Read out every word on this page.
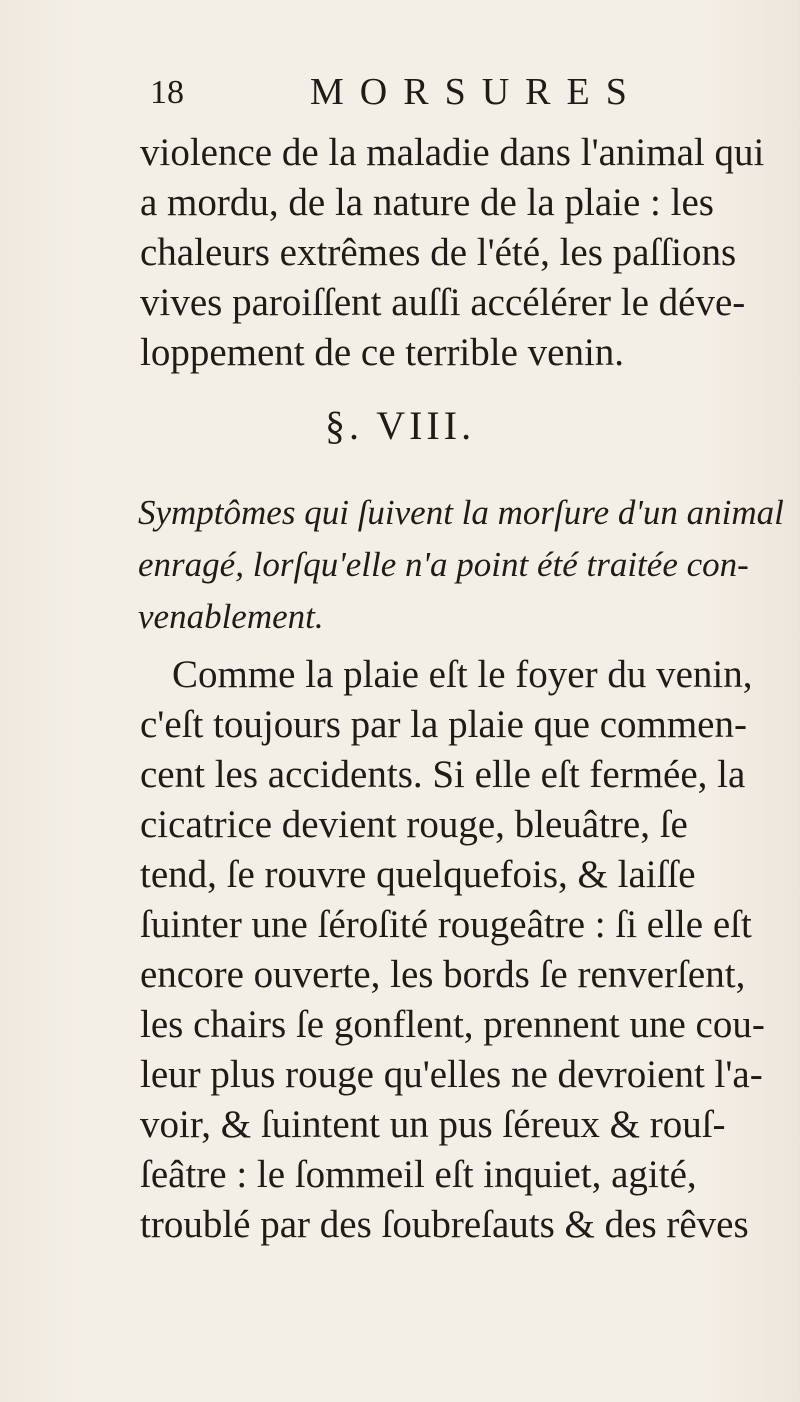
18	MORSURES
violence de la maladie dans l'animal qui
a mordu, de la nature de la plaie : les
chaleurs extrêmes de l'été, les paſſions
vives paroiſſent auſſi accélérer le déve-
loppement de ce terrible venin.
§. VIII.
Symptômes qui ſuivent la morſure d'un animal
enragé, lorſqu'elle n'a point été traitée con-
venablement.
Comme la plaie eſt le foyer du venin,
c'eſt toujours par la plaie que commen-
cent les accidents. Si elle eſt fermée, la
cicatrice devient rouge, bleuâtre, ſe
tend, ſe rouvre quelquefois, & laiſſe
ſuinter une ſéroſité rougeâtre : ſi elle eſt
encore ouverte, les bords ſe renverſent,
les chairs ſe gonflent, prennent une cou-
leur plus rouge qu'elles ne devroient l'a-
voir, & ſuintent un pus ſéreux & rouſ-
ſeâtre : le ſommeil eſt inquiet, agité,
troublé par des ſoubreſauts & des rêves
